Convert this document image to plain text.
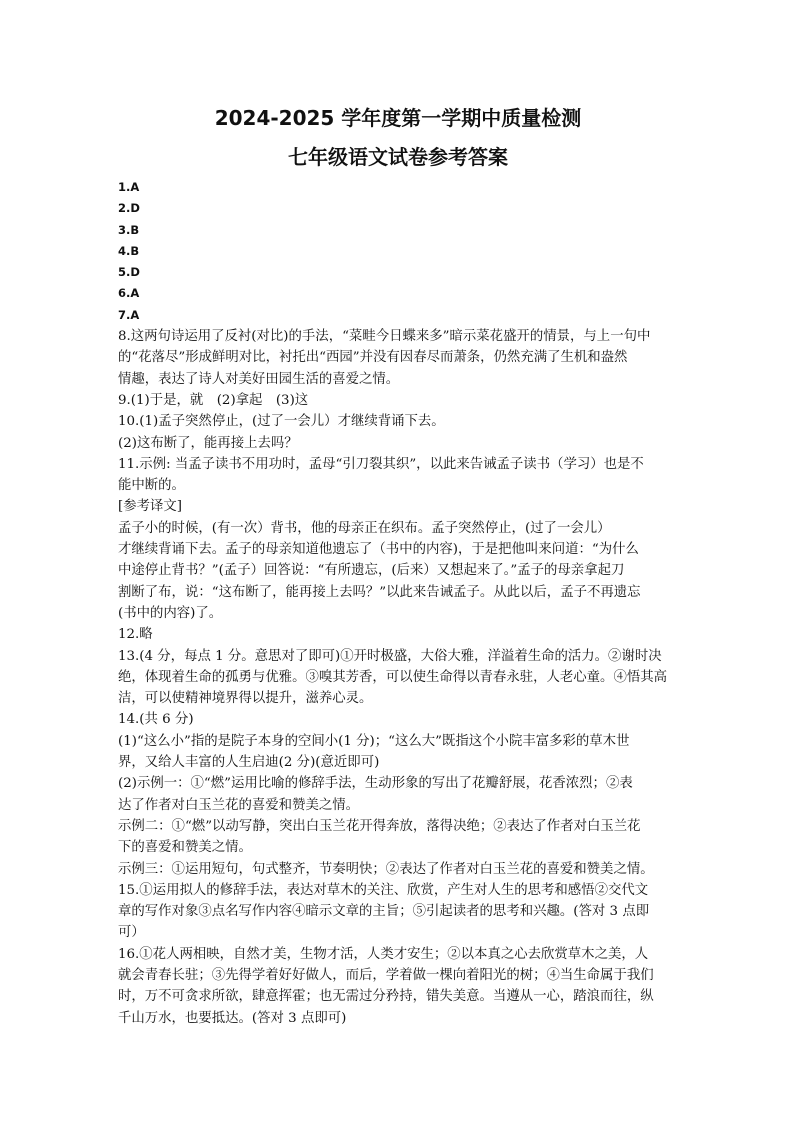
2024-2025 学年度第一学期中质量检测
七年级语文试卷参考答案

1.A

2.D

3.B

4.B

5.D

6.A

7.A

8.这两句诗运用了反衬(对比)的手法，“菜畦今日蝶来多”暗示菜花盛开的情景，与上一句中

的“花落尽”形成鲜明对比，衬托出“西园”并没有因春尽而萧条，仍然充满了生机和盎然

情趣，表达了诗人对美好田园生活的喜爱之情。

9.(1)于是，就　(2)拿起　(3)这

10.(1)孟子突然停止，(过了一会儿）才继续背诵下去。

(2)这布断了，能再接上去吗？

11.示例: 当孟子读书不用功时，孟母“引刀裂其织”，以此来告诫孟子读书（学习）也是不

能中断的。

[参考译文]

孟子小的时候，(有一次）背书，他的母亲正在织布。孟子突然停止，(过了一会儿）

才继续背诵下去。孟子的母亲知道他遗忘了（书中的内容)，于是把他叫来问道：“为什么

中途停止背书？”(孟子）回答说：“有所遗忘，(后来）又想起来了。”孟子的母亲拿起刀

割断了布，说：“这布断了，能再接上去吗？”以此来告诫孟子。从此以后，孟子不再遗忘

(书中的内容)了。

12.略

13.(4 分，每点 1 分。意思对了即可)①开时极盛，大俗大雅，洋溢着生命的活力。②谢时决

绝，体现着生命的孤勇与优雅。③嗅其芳香，可以使生命得以青春永驻，人老心童。④悟其高

洁，可以使精神境界得以提升，滋养心灵。

14.(共 6 分)

(1)“这么小”指的是院子本身的空间小(1 分)；“这么大”既指这个小院丰富多彩的草木世

界，又给人丰富的人生启迪(2 分)(意近即可)

(2)示例一：①“燃”运用比喻的修辞手法，生动形象的写出了花瓣舒展，花香浓烈；②表

达了作者对白玉兰花的喜爱和赞美之情。

示例二：①“燃”以动写静，突出白玉兰花开得奔放，落得决绝；②表达了作者对白玉兰花

下的喜爱和赞美之情。

示例三：①运用短句，句式整齐，节奏明快；②表达了作者对白玉兰花的喜爱和赞美之情。

15.①运用拟人的修辞手法，表达对草木的关注、欣赏，产生对人生的思考和感悟②交代文

章的写作对象③点名写作内容④暗示文章的主旨；⑤引起读者的思考和兴趣。(答对 3 点即

可）

16.①花人两相映，自然才美，生物才活，人类才安生；②以本真之心去欣赏草木之美，人

就会青春长驻；③先得学着好好做人，而后，学着做一棵向着阳光的树；④当生命属于我们

时，万不可贪求所欲，肆意挥霍；也无需过分矜持，错失美意。当遵从一心，踏浪而往，纵

千山万水，也要抵达。(答对 3 点即可)
